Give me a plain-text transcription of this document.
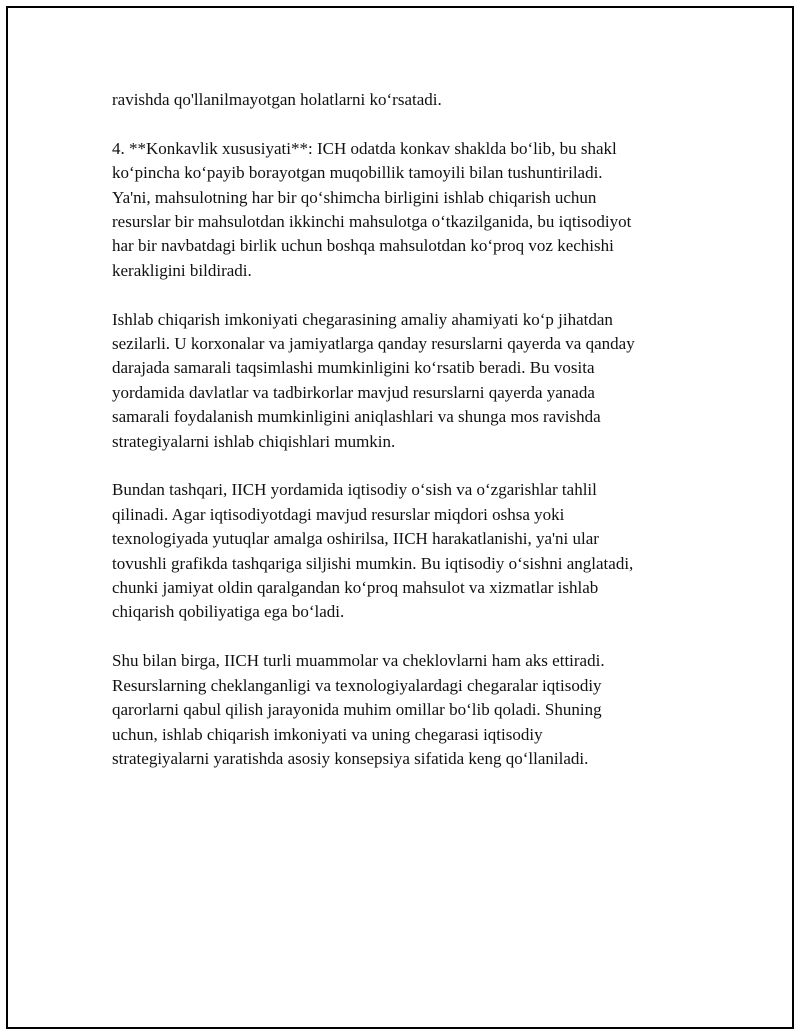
ravishda qo'llanilmayotgan holatlarni ko‘rsatadi.

4. **Konkavlik xususiyati**: ICH odatda konkav shaklda bo‘lib, bu shakl
ko‘pincha ko‘payib borayotgan muqobillik tamoyili bilan tushuntiriladi.
Ya'ni, mahsulotning har bir qo‘shimcha birligini ishlab chiqarish uchun
resurslar bir mahsulotdan ikkinchi mahsulotga o‘tkazilganida, bu iqtisodiyot
har bir navbatdagi birlik uchun boshqa mahsulotdan ko‘proq voz kechishi
kerakligini bildiradi.

Ishlab chiqarish imkoniyati chegarasining amaliy ahamiyati ko‘p jihatdan
sezilarli. U korxonalar va jamiyatlarga qanday resurslarni qayerda va qanday
darajada samarali taqsimlashi mumkinligini ko‘rsatib beradi. Bu vosita
yordamida davlatlar va tadbirkorlar mavjud resurslarni qayerda yanada
samarali foydalanish mumkinligini aniqlashlari va shunga mos ravishda
strategiyalarni ishlab chiqishlari mumkin.

Bundan tashqari, IICH yordamida iqtisodiy o‘sish va o‘zgarishlar tahlil
qilinadi. Agar iqtisodiyotdagi mavjud resurslar miqdori oshsa yoki
texnologiyada yutuqlar amalga oshirilsa, IICH harakatlanishi, ya'ni ular
tovushli grafikda tashqariga siljishi mumkin. Bu iqtisodiy o‘sishni anglatadi,
chunki jamiyat oldin qaralgandan ko‘proq mahsulot va xizmatlar ishlab
chiqarish qobiliyatiga ega bo‘ladi.

Shu bilan birga, IICH turli muammolar va cheklovlarni ham aks ettiradi.
Resurslarning cheklanganligi va texnologiyalardagi chegaralar iqtisodiy
qarorlarni qabul qilish jarayonida muhim omillar bo‘lib qoladi. Shuning
uchun, ishlab chiqarish imkoniyati va uning chegarasi iqtisodiy
strategiyalarni yaratishda asosiy konsepsiya sifatida keng qo‘llaniladi.
